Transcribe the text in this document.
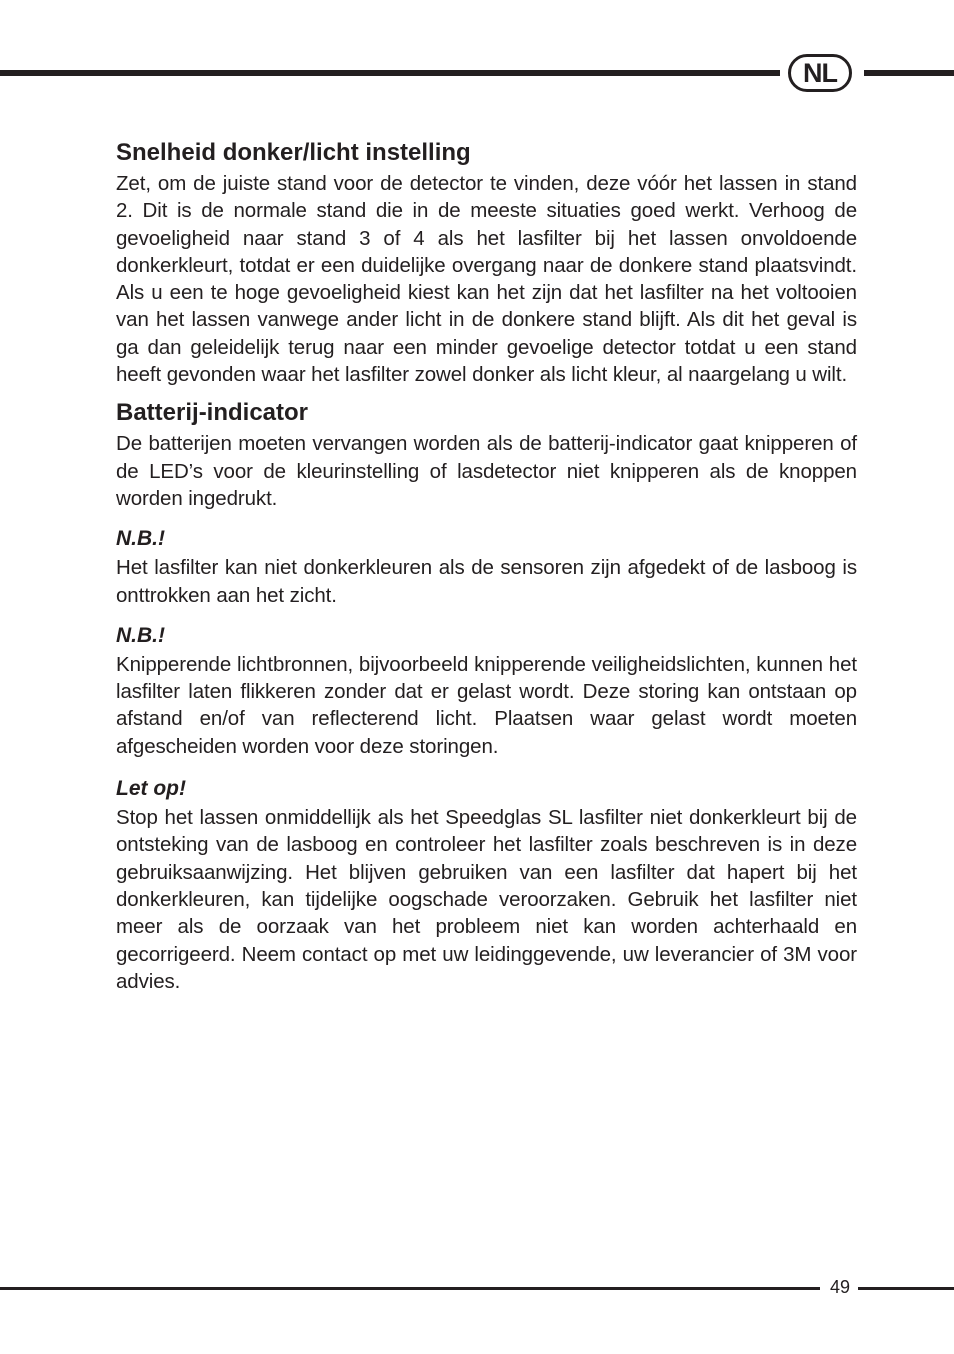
NL
Snelheid donker/licht instelling

Zet, om de juiste stand voor de detector te vinden, deze vóór het lassen in stand 2. Dit is de normale stand die in de meeste situaties goed werkt. Verhoog de gevoeligheid naar stand 3 of 4 als het lasfilter bij het lassen onvoldoende donkerkleurt, totdat er een duidelijke overgang naar de donkere stand plaatsvindt. Als u een te hoge gevoeligheid kiest kan het zijn dat het lasfilter na het voltooien van het lassen vanwege ander licht in de donkere stand blijft. Als dit het geval is ga dan geleidelijk terug naar een minder gevoelige detector totdat u een stand heeft gevonden waar het lasfilter zowel donker als licht kleur, al naargelang u wilt.

Batterij-indicator

De batterijen moeten vervangen worden als de batterij-indicator gaat knipperen of de LED’s voor de kleurinstelling of lasdetector niet knipperen als de knoppen worden ingedrukt.

N.B.!

Het lasfilter kan niet donkerkleuren als de sensoren zijn afgedekt of de lasboog is onttrokken aan het zicht.

N.B.!

Knipperende lichtbronnen, bijvoorbeeld knipperende veiligheidslichten, kunnen het lasfilter laten flikkeren zonder dat er gelast wordt. Deze storing kan ontstaan op afstand en/of van reflecterend licht. Plaatsen waar gelast wordt moeten afgescheiden worden voor deze storingen.

Let op!

Stop het lassen onmiddellijk als het Speedglas SL lasfilter niet donkerkleurt bij de ontsteking van de lasboog en controleer het lasfilter zoals beschreven is in deze gebruiksaanwijzing. Het blijven gebruiken van een lasfilter dat hapert bij het donkerkleuren, kan tijdelijke oogschade veroorzaken. Gebruik het lasfilter niet meer als de oorzaak van het probleem niet kan worden achterhaald en gecorrigeerd. Neem contact op met uw leidinggevende, uw leverancier of 3M voor advies.

49
